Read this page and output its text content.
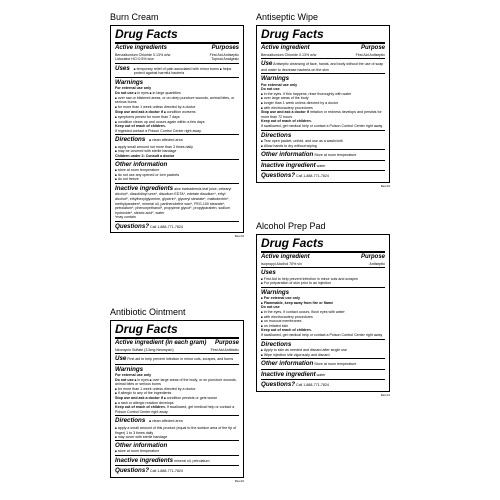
Burn Cream
Drug Facts
Active ingredients	Purposes
Benzalkonium Chloride 0.13% w/w	First Aid Antiseptic
Lidocaine HCl 0.5% w/w	Topical Analgesic
Uses	■ temporary relief of pain associated with minor burns ■ helps protect against harmful bacteria
Warnings
For external use only
Do not use ■ in eyes ■ in large quantities
■ over raw or blistered areas, or on deep puncture wounds, animal bites, or serious burns
■ for more than 1 week unless directed by a doctor
Stop use and ask a doctor if ■ condition worsens
■ symptoms persist for more than 7 days
■ condition clears up and occurs again within a few days
Keep out of reach of children.
If ingested contact a Poison Control Center right away.
Directions	■ clean affected area
■ apply small amount not more than 3 times daily
■ may be covered with sterile bandage
Children under 2: Consult a doctor
Other information
■ store at room temperature
■ do not use any opened or torn packets
■ do not freeze
Inactive ingredients aloe barbadensis leaf juice, cetearyl alcohol*, diazolidinyl urea*, disodium EDTA*, edetate disodium*, ethyl alcohol*, ethylhexylglycerine, glycerin*, glyceryl stearate*, maltodextrin*, methylparaben*, mineral oil, panthenolethe wax*, PEG-100 stearate*, petrolatum*, phenoxyethanol*, propylene glycol*, propylparaben, sodium hydroxide*, stearic acid*, water
*may contain
Questions? Call 1-888-771-7824
Rev.02
Antibiotic Ointment
Drug Facts
Active ingredient (in each gram) Purpose
Neomycin Sulfate (3.5mg Neomycin)	First Aid Antibiotic
Use First aid to help prevent infection in minor cuts, scrapes, and burns
Warnings
For external use only
Do not use ■ in eyes ■ over large areas of the body, or on puncture wounds, animal bites or serious burns
■ for more than 1 week unless directed by a doctor
■ if allergic to any of the ingredients
Stop use and ask a doctor if ■ condition persists or gets worse
■ a rash or allergic reaction develops
Keep out of reach of children. If swallowed, get medical help or contact a Poison Control Center right away.
Directions	■ clean affected area
■ apply a small amount of this product (equal to the surface area of the tip of finger) 1 to 3 times daily
■ may cover with sterile bandage
Other information
■ store at room temperature
Inactive ingredients mineral oil, petrolatum
Questions? Call 1-888-771-7824
Rev.02
Antiseptic Wipe
Drug Facts
Active ingredient	Purpose
Benzalkonium Chloride 0.13% w/w	First Aid Antiseptic
Use Antiseptic cleansing of face, hands, and body without the use of soap and water to decrease bacteria on the skin
Warnings
For external use only
Do not use
■ in the eyes. If this happens, rinse thoroughly with water
■ over large areas of the body
■ longer than 1 week unless directed by a doctor
■ with electrocautery procedures
Stop use and ask a doctor if irritation or redness develops and persists for more than 72 hours
Keep out of reach of children.
If swallowed, get medical help or contact a Poison Control Center right away
Directions
■ Tear open packet, unfold, and use as a washcloth
■ Allow hands to dry without wiping
Other information Store at room temperature
Inactive ingredient water
Questions? Call 1-888-771-7824
Rev.02
Alcohol Prep Pad
Drug Facts
Active ingredient	Purpose
Isopropyl Alcohol 70% v/v	Antiseptic
Uses
■ First Aid to help prevent infection in minor cuts and scrapes
■ For preparation of skin prior to an injection
Warnings
■ For external use only
■ Flammable, keep away from fire or flame
Do not use
■ in the eyes. If contact occurs, flush eyes with water
■ with electrocautery procedures
■ on mucous membranes
■ on irritated skin
Keep out of reach of children.
If swallowed, get medical help or contact a Poison Control Center right away
Directions
■ Apply to skin as needed and discard after single use
■ Wipe injection site vigorously and discard
Other information Store at room temperature
Inactive ingredient water
Questions? Call 1-888-771-7824
Rev.01
